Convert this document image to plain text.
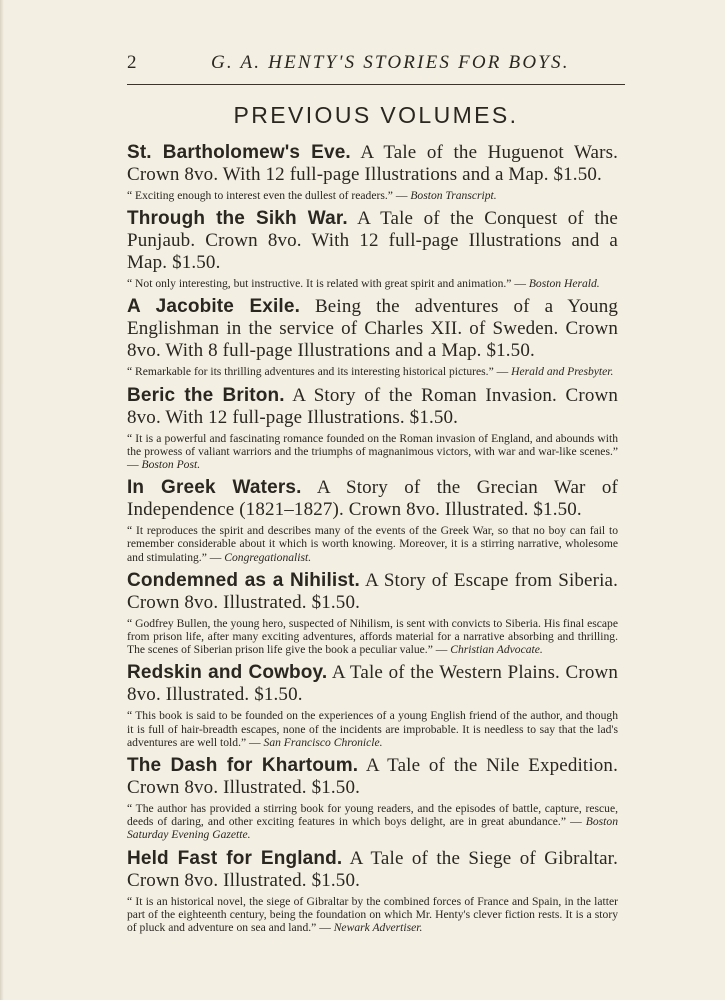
2	G. A. HENTY'S STORIES FOR BOYS.
PREVIOUS VOLUMES.

St. Bartholomew's Eve. A Tale of the Huguenot Wars. Crown 8vo. With 12 full-page Illustrations and a Map. $1.50.

“ Exciting enough to interest even the dullest of readers.” — Boston Transcript.

Through the Sikh War. A Tale of the Conquest of the Punjaub. Crown 8vo. With 12 full-page Illustrations and a Map. $1.50.

“ Not only interesting, but instructive. It is related with great spirit and animation.” — Boston Herald.

A Jacobite Exile. Being the adventures of a Young Englishman in the service of Charles XII. of Sweden. Crown 8vo. With 8 full-page Illustrations and a Map. $1.50.

“ Remarkable for its thrilling adventures and its interesting historical pictures.” — Herald and Presbyter.

Beric the Briton. A Story of the Roman Invasion. Crown 8vo. With 12 full-page Illustrations. $1.50.

“ It is a powerful and fascinating romance founded on the Roman invasion of England, and abounds with the prowess of valiant warriors and the triumphs of magnanimous victors, with war and war-like scenes.” — Boston Post.

In Greek Waters. A Story of the Grecian War of Independence (1821–1827). Crown 8vo. Illustrated. $1.50.

“ It reproduces the spirit and describes many of the events of the Greek War, so that no boy can fail to remember considerable about it which is worth knowing. Moreover, it is a stirring narrative, wholesome and stimulating.” — Congregationalist.

Condemned as a Nihilist. A Story of Escape from Siberia. Crown 8vo. Illustrated. $1.50.

“ Godfrey Bullen, the young hero, suspected of Nihilism, is sent with convicts to Siberia. His final escape from prison life, after many exciting adventures, affords material for a narrative absorbing and thrilling. The scenes of Siberian prison life give the book a peculiar value.” — Christian Advocate.

Redskin and Cowboy. A Tale of the Western Plains. Crown 8vo. Illustrated. $1.50.

“ This book is said to be founded on the experiences of a young English friend of the author, and though it is full of hair-breadth escapes, none of the incidents are improbable. It is needless to say that the lad's adventures are well told.” — San Francisco Chronicle.

The Dash for Khartoum. A Tale of the Nile Expedition. Crown 8vo. Illustrated. $1.50.

“ The author has provided a stirring book for young readers, and the episodes of battle, capture, rescue, deeds of daring, and other exciting features in which boys delight, are in great abundance.” — Boston Saturday Evening Gazette.

Held Fast for England. A Tale of the Siege of Gibraltar. Crown 8vo. Illustrated. $1.50.

“ It is an historical novel, the siege of Gibraltar by the combined forces of France and Spain, in the latter part of the eighteenth century, being the foundation on which Mr. Henty's clever fiction rests. It is a story of pluck and adventure on sea and land.” — Newark Advertiser.
